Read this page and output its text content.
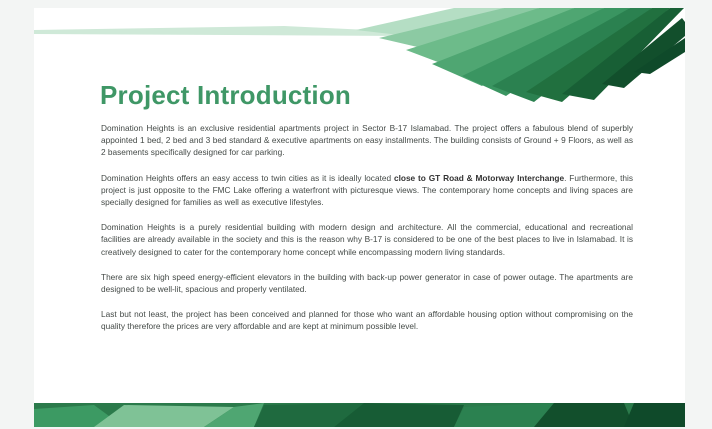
Project Introduction

Domination Heights is an exclusive residential apartments project in Sector B-17 Islamabad. The project offers a fabulous blend of superbly appointed 1 bed, 2 bed and 3 bed standard & executive apartments on easy installments. The building consists of Ground + 9 Floors, as well as 2 basements specifically designed for car parking.

Domination Heights offers an easy access to twin cities as it is ideally located close to GT Road & Motorway Interchange. Furthermore, this project is just opposite to the FMC Lake offering a waterfront with picturesque views. The contemporary home concepts and living spaces are specially designed for families as well as executive lifestyles.

Domination Heights is a purely residential building with modern design and architecture. All the commercial, educational and recreational facilities are already available in the society and this is the reason why B-17 is considered to be one of the best places to live in Islamabad. It is creatively designed to cater for the contemporary home concept while encompassing modern living standards.

There are six high speed energy-efficient elevators in the building with back-up power generator in case of power outage. The apartments are designed to be well-lit, spacious and properly ventilated.

Last but not least, the project has been conceived and planned for those who want an affordable housing option without compromising on the quality therefore the prices are very affordable and are kept at minimum possible level.
